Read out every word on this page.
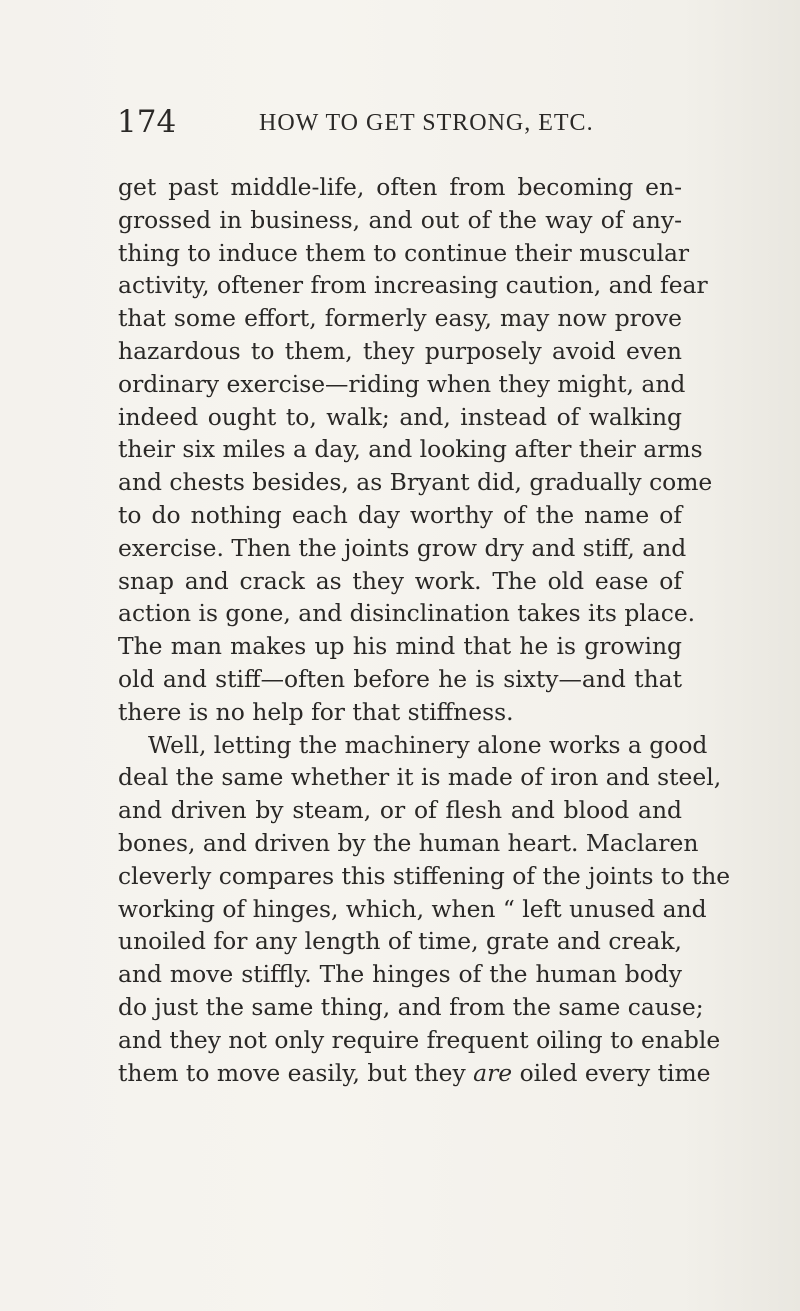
174	HOW TO GET STRONG, ETC.
get past middle-life, often from becoming en-
grossed in business, and out of the way of any-
thing to induce them to continue their muscular
activity, oftener from increasing caution, and fear
that some effort, formerly easy, may now prove
hazardous to them, they purposely avoid even
ordinary exercise—riding when they might, and
indeed ought to, walk; and, instead of walking
their six miles a day, and looking after their arms
and chests besides, as Bryant did, gradually come
to do nothing each day worthy of the name of
exercise. Then the joints grow dry and stiff, and
snap and crack as they work. The old ease of
action is gone, and disinclination takes its place.
The man makes up his mind that he is growing
old and stiff—often before he is sixty—and that
there is no help for that stiffness.
Well, letting the machinery alone works a good
deal the same whether it is made of iron and steel,
and driven by steam, or of flesh and blood and
bones, and driven by the human heart. Maclaren
cleverly compares this stiffening of the joints to the
working of hinges, which, when “ left unused and
unoiled for any length of time, grate and creak,
and move stiffly. The hinges of the human body
do just the same thing, and from the same cause;
and they not only require frequent oiling to enable
them to move easily, but they are oiled every time
